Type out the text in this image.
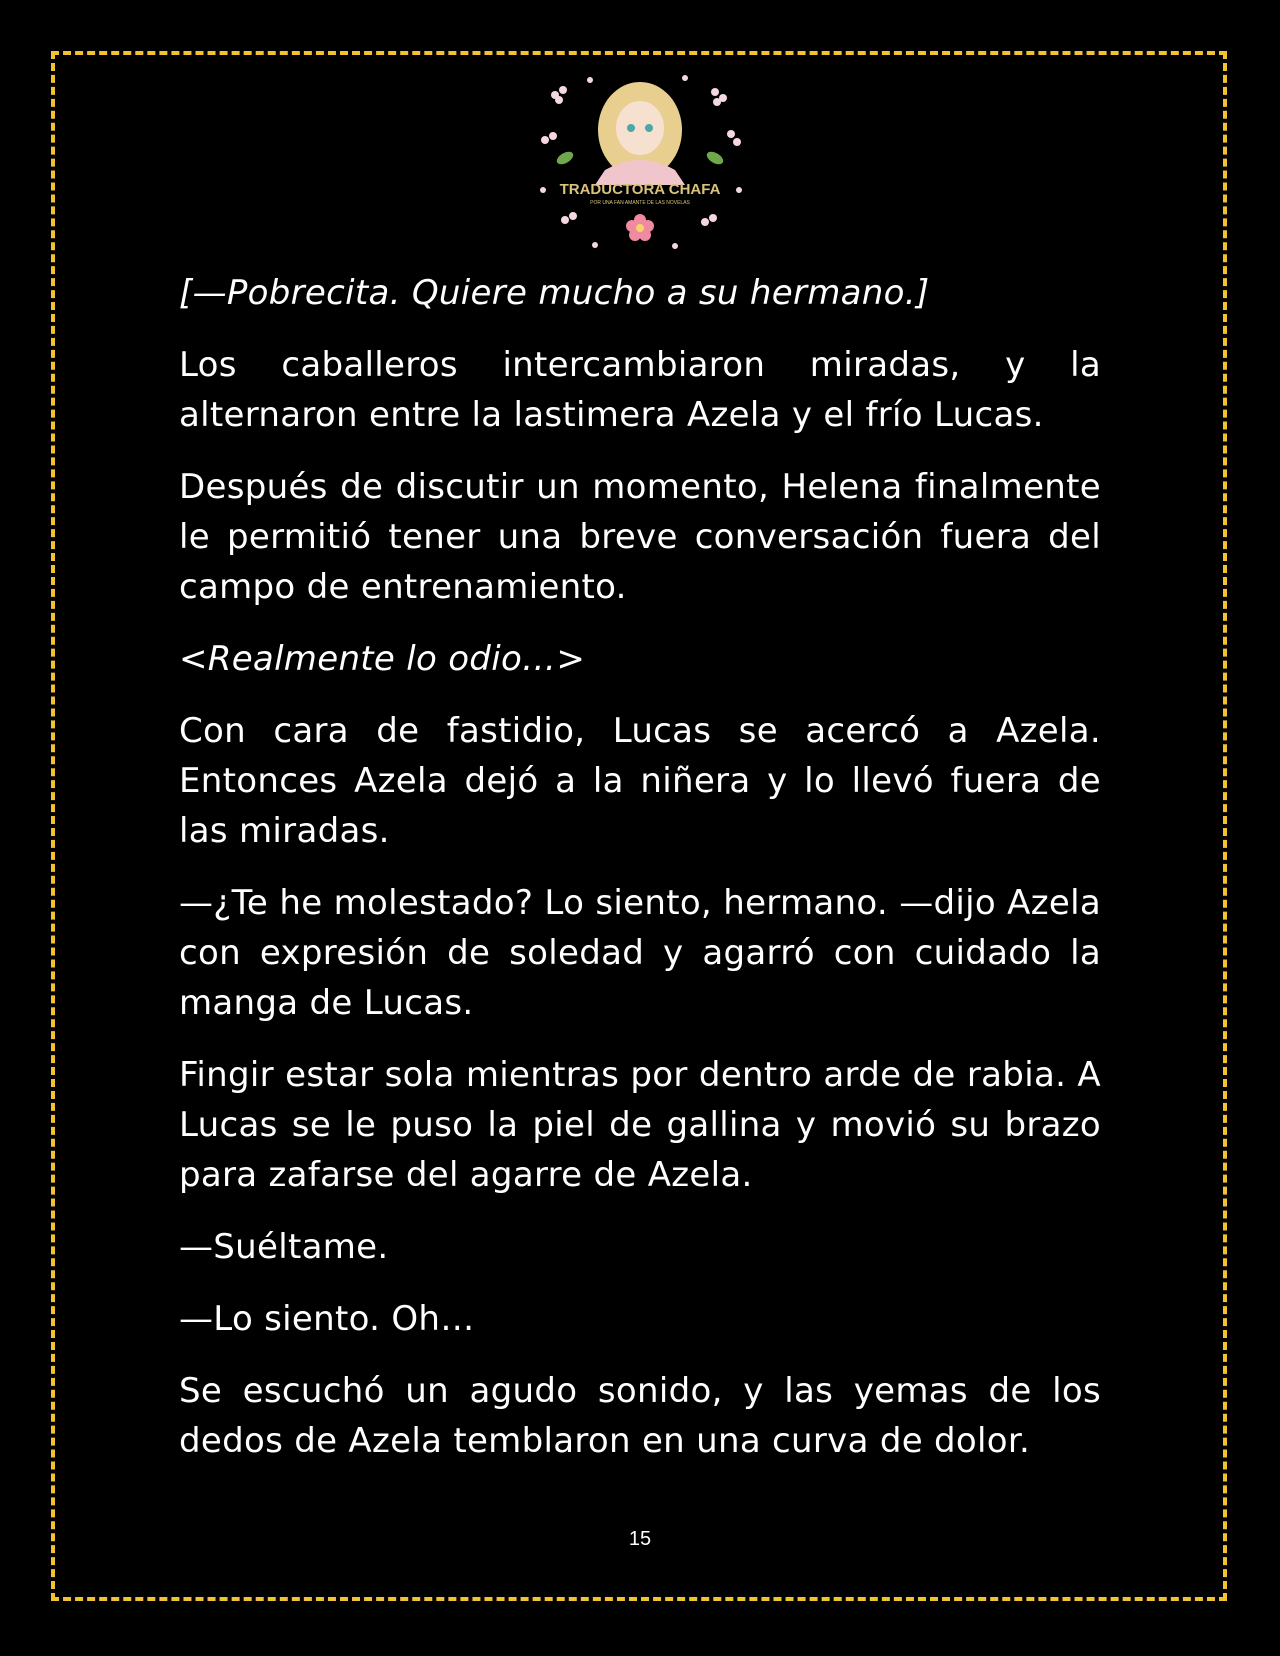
TRADUCTORA CHAFA
POR UNA FAN AMANTE DE LAS NOVELAS

[—Pobrecita. Quiere mucho a su hermano.]

Los caballeros intercambiaron miradas, y la alternaron entre la lastimera Azela y el frío Lucas.

Después de discutir un momento, Helena finalmente le permitió tener una breve conversación fuera del campo de entrenamiento.

<Realmente lo odio…>

Con cara de fastidio, Lucas se acercó a Azela. Entonces Azela dejó a la niñera y lo llevó fuera de las miradas.

—¿Te he molestado? Lo siento, hermano. —dijo Azela con expresión de soledad y agarró con cuidado la manga de Lucas.

Fingir estar sola mientras por dentro arde de rabia. A Lucas se le puso la piel de gallina y movió su brazo para zafarse del agarre de Azela.

—Suéltame.

—Lo siento. Oh…

Se escuchó un agudo sonido, y las yemas de los dedos de Azela temblaron en una curva de dolor.

15
